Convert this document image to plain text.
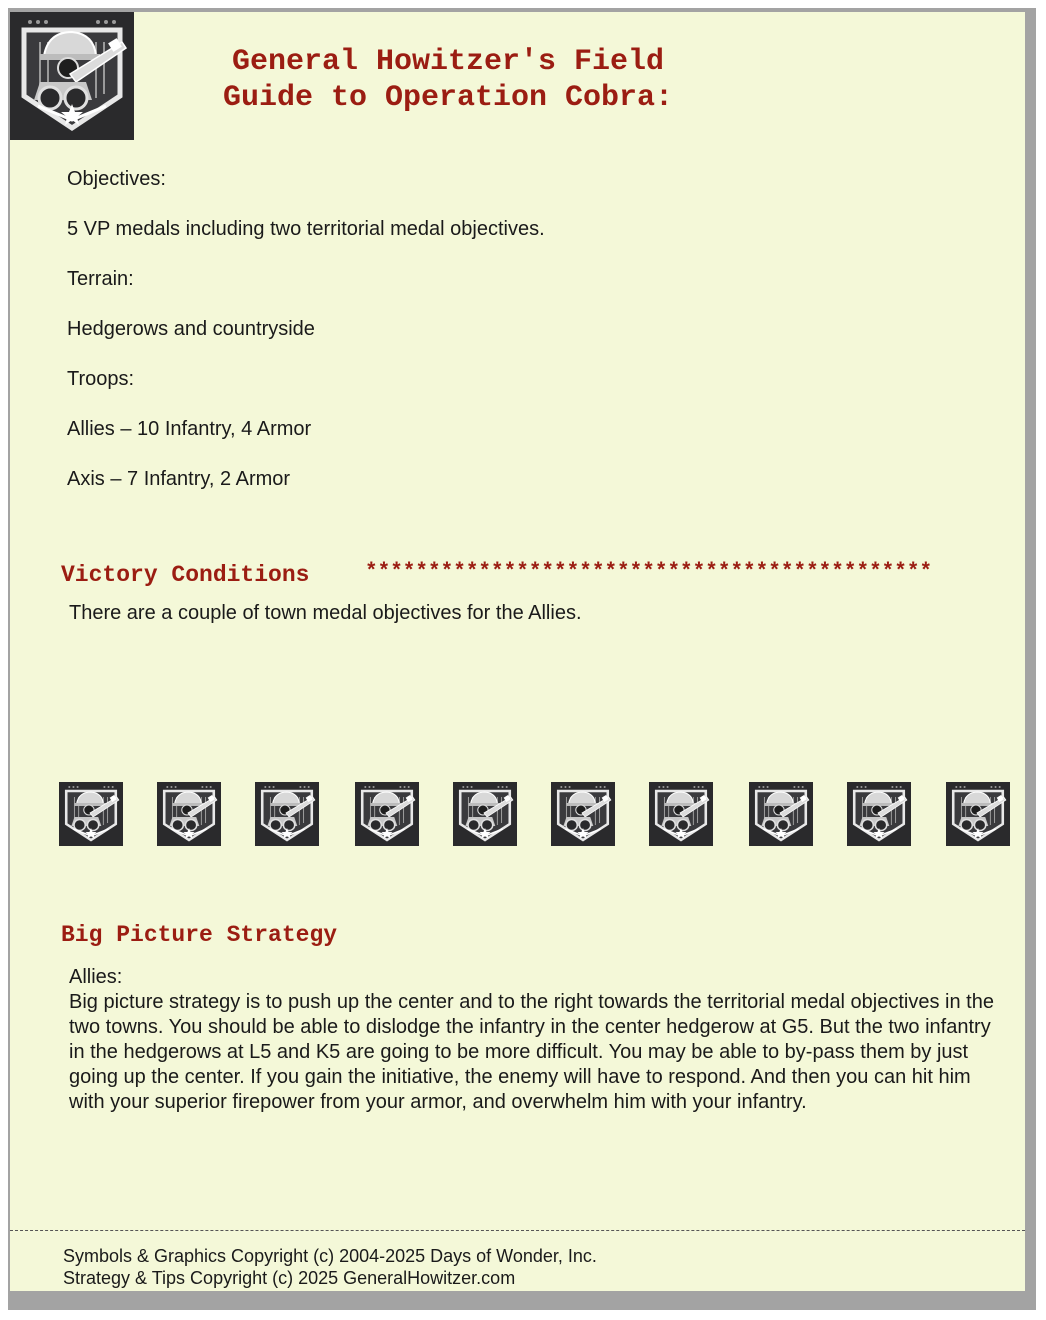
General Howitzer's Field
Guide to Operation Cobra:

Objectives:

5 VP medals including two territorial medal objectives.

Terrain:

Hedgerows and countryside

Troops:

Allies – 10 Infantry, 4 Armor

Axis – 7 Infantry, 2 Armor

Victory Conditions	*********************************************

There are a couple of town medal objectives for the Allies.

Big Picture Strategy

Allies:

Big picture strategy is to push up the center and to the right towards the territorial medal objectives in the two towns. You should be able to dislodge the infantry in the center hedgerow at G5. But the two infantry in the hedgerows at L5 and K5 are going to be more difficult. You may be able to by-pass them by just going up the center. If you gain the initiative, the enemy will have to respond. And then you can hit him with your superior firepower from your armor, and overwhelm him with your infantry.

Symbols & Graphics Copyright (c) 2004-2025 Days of Wonder, Inc.
Strategy & Tips Copyright (c) 2025 GeneralHowitzer.com
